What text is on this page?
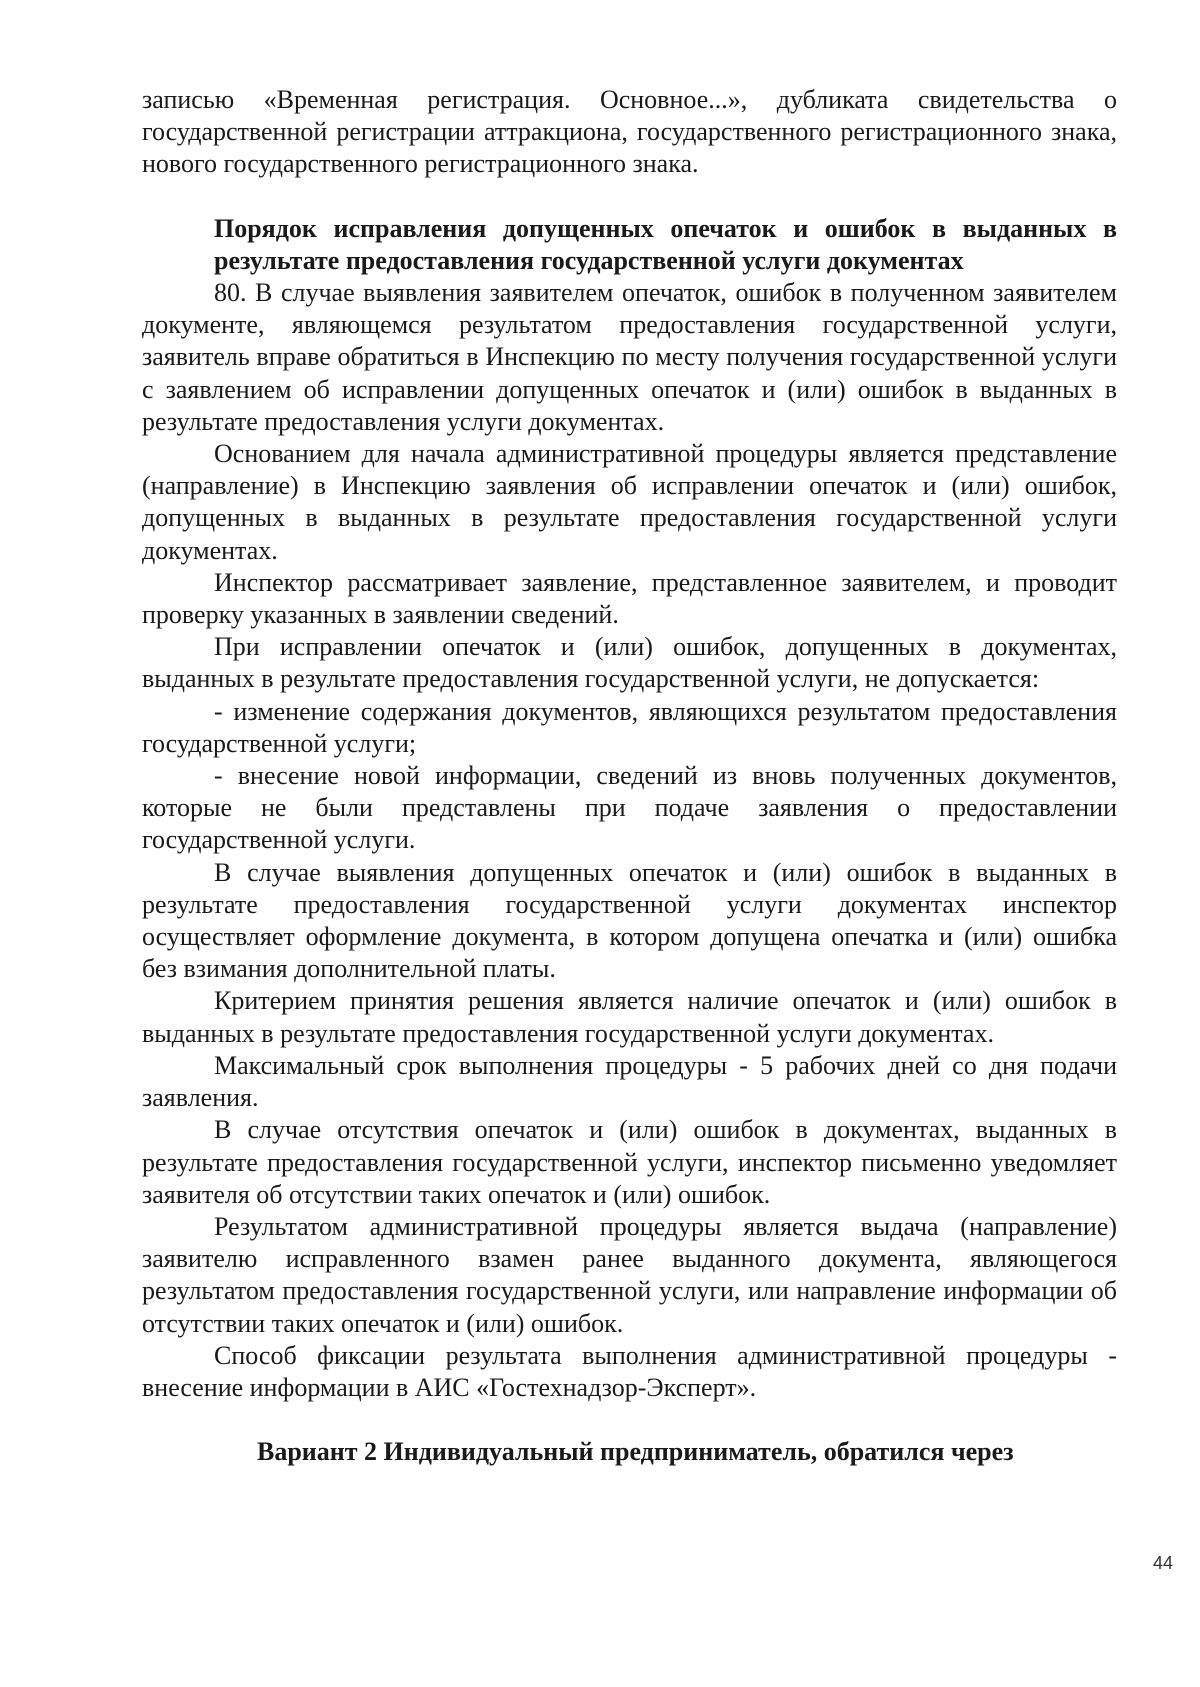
записью «Временная регистрация. Основное...», дубликата свидетельства о государственной регистрации аттракциона, государственного регистрационного знака, нового государственного регистрационного знака.

Порядок исправления допущенных опечаток и ошибок в выданных в результате предоставления государственной услуги документах

80. В случае выявления заявителем опечаток, ошибок в полученном заявителем документе, являющемся результатом предоставления государственной услуги, заявитель вправе обратиться в Инспекцию по месту получения государственной услуги с заявлением об исправлении допущенных опечаток и (или) ошибок в выданных в результате предоставления услуги документах.

Основанием для начала административной процедуры является представление (направление) в Инспекцию заявления об исправлении опечаток и (или) ошибок, допущенных в выданных в результате предоставления государственной услуги документах.

Инспектор рассматривает заявление, представленное заявителем, и проводит проверку указанных в заявлении сведений.

При исправлении опечаток и (или) ошибок, допущенных в документах, выданных в результате предоставления государственной услуги, не допускается:

- изменение содержания документов, являющихся результатом предоставления государственной услуги;

- внесение новой информации, сведений из вновь полученных документов, которые не были представлены при подаче заявления о предоставлении государственной услуги.

В случае выявления допущенных опечаток и (или) ошибок в выданных в результате предоставления государственной услуги документах инспектор осуществляет оформление документа, в котором допущена опечатка и (или) ошибка без взимания дополнительной платы.

Критерием принятия решения является наличие опечаток и (или) ошибок в выданных в результате предоставления государственной услуги документах.

Максимальный срок выполнения процедуры - 5 рабочих дней со дня подачи заявления.

В случае отсутствия опечаток и (или) ошибок в документах, выданных в результате предоставления государственной услуги, инспектор письменно уведомляет заявителя об отсутствии таких опечаток и (или) ошибок.

Результатом административной процедуры является выдача (направление) заявителю исправленного взамен ранее выданного документа, являющегося результатом предоставления государственной услуги, или направление информации об отсутствии таких опечаток и (или) ошибок.

Способ фиксации результата выполнения административной процедуры - внесение информации в АИС «Гостехнадзор-Эксперт».

Вариант 2 Индивидуальный предприниматель, обратился через

44
